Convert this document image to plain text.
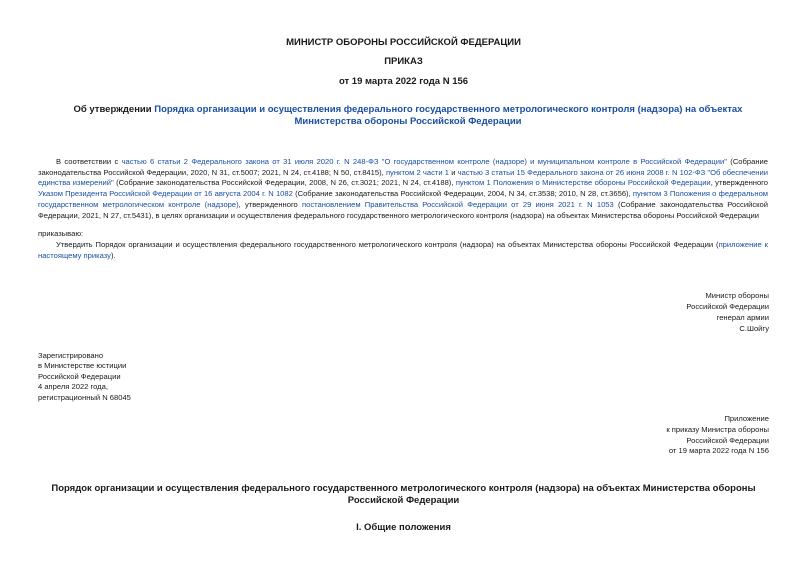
МИНИСТР ОБОРОНЫ РОССИЙСКОЙ ФЕДЕРАЦИИ
ПРИКАЗ
от 19 марта 2022 года N 156
Об утверждении Порядка организации и осуществления федерального государственного метрологического контроля (надзора) на объектах Министерства обороны Российской Федерации
В соответствии с частью 6 статьи 2 Федерального закона от 31 июля 2020 г. N 248-ФЗ "О государственном контроле (надзоре) и муниципальном контроле в Российской Федерации" (Собрание законодательства Российской Федерации, 2020, N 31, ст.5007; 2021, N 24, ст.4188; N 50, ст.8415), пунктом 2 части 1 и частью 3 статьи 15 Федерального закона от 26 июня 2008 г. N 102-ФЗ "Об обеспечении единства измерений" (Собрание законодательства Российской Федерации, 2008, N 26, ст.3021; 2021, N 24, ст.4188), пунктом 1 Положения о Министерстве обороны Российской Федерации, утвержденного Указом Президента Российской Федерации от 16 августа 2004 г. N 1082 (Собрание законодательства Российской Федерации, 2004, N 34, ст.3538; 2010, N 28, ст.3656), пунктом 3 Положения о федеральном государственном метрологическом контроле (надзоре), утвержденного постановлением Правительства Российской Федерации от 29 июня 2021 г. N 1053 (Собрание законодательства Российской Федерации, 2021, N 27, ст.5431), в целях организации и осуществления федерального государственного метрологического контроля (надзора) на объектах Министерства обороны Российской Федерации
приказываю:
Утвердить Порядок организации и осуществления федерального государственного метрологического контроля (надзора) на объектах Министерства обороны Российской Федерации (приложение к настоящему приказу).
Министр обороны
Российской Федерации
генерал армии
С.Шойгу
Зарегистрировано
в Министерстве юстиции
Российской Федерации
4 апреля 2022 года,
регистрационный N 68045
Приложение
к приказу Министра обороны
Российской Федерации
от 19 марта 2022 года N 156
Порядок организации и осуществления федерального государственного метрологического контроля (надзора) на объектах Министерства обороны Российской Федерации
I. Общие положения
